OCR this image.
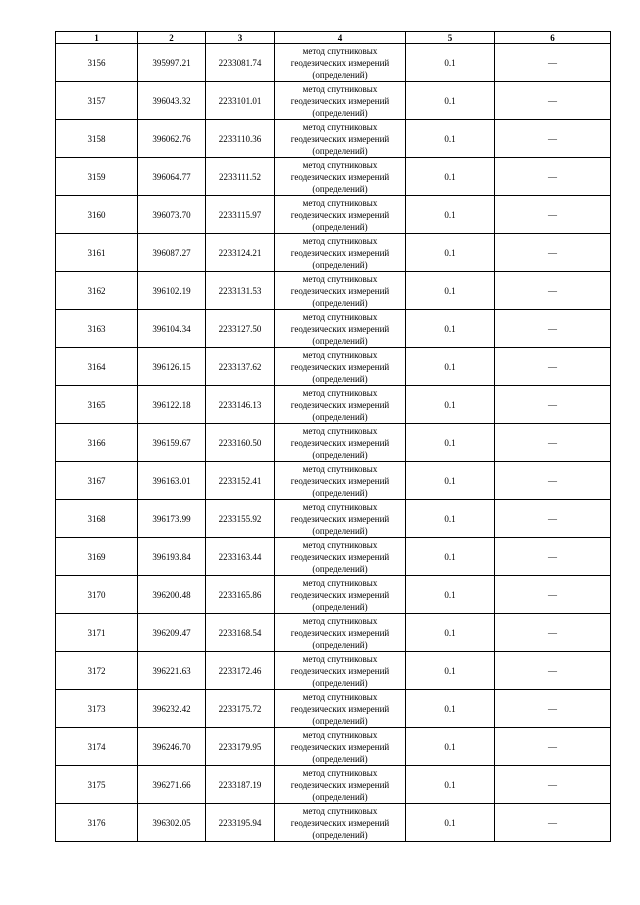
1	2	3	4	5	6
3156	395997.21	2233081.74	метод спутниковых
геодезических измерений
(определений)	0.1	—
3157	396043.32	2233101.01	метод спутниковых
геодезических измерений
(определений)	0.1	—
3158	396062.76	2233110.36	метод спутниковых
геодезических измерений
(определений)	0.1	—
3159	396064.77	2233111.52	метод спутниковых
геодезических измерений
(определений)	0.1	—
3160	396073.70	2233115.97	метод спутниковых
геодезических измерений
(определений)	0.1	—
3161	396087.27	2233124.21	метод спутниковых
геодезических измерений
(определений)	0.1	—
3162	396102.19	2233131.53	метод спутниковых
геодезических измерений
(определений)	0.1	—
3163	396104.34	2233127.50	метод спутниковых
геодезических измерений
(определений)	0.1	—
3164	396126.15	2233137.62	метод спутниковых
геодезических измерений
(определений)	0.1	—
3165	396122.18	2233146.13	метод спутниковых
геодезических измерений
(определений)	0.1	—
3166	396159.67	2233160.50	метод спутниковых
геодезических измерений
(определений)	0.1	—
3167	396163.01	2233152.41	метод спутниковых
геодезических измерений
(определений)	0.1	—
3168	396173.99	2233155.92	метод спутниковых
геодезических измерений
(определений)	0.1	—
3169	396193.84	2233163.44	метод спутниковых
геодезических измерений
(определений)	0.1	—
3170	396200.48	2233165.86	метод спутниковых
геодезических измерений
(определений)	0.1	—
3171	396209.47	2233168.54	метод спутниковых
геодезических измерений
(определений)	0.1	—
3172	396221.63	2233172.46	метод спутниковых
геодезических измерений
(определений)	0.1	—
3173	396232.42	2233175.72	метод спутниковых
геодезических измерений
(определений)	0.1	—
3174	396246.70	2233179.95	метод спутниковых
геодезических измерений
(определений)	0.1	—
3175	396271.66	2233187.19	метод спутниковых
геодезических измерений
(определений)	0.1	—
3176	396302.05	2233195.94	метод спутниковых
геодезических измерений
(определений)	0.1	—
